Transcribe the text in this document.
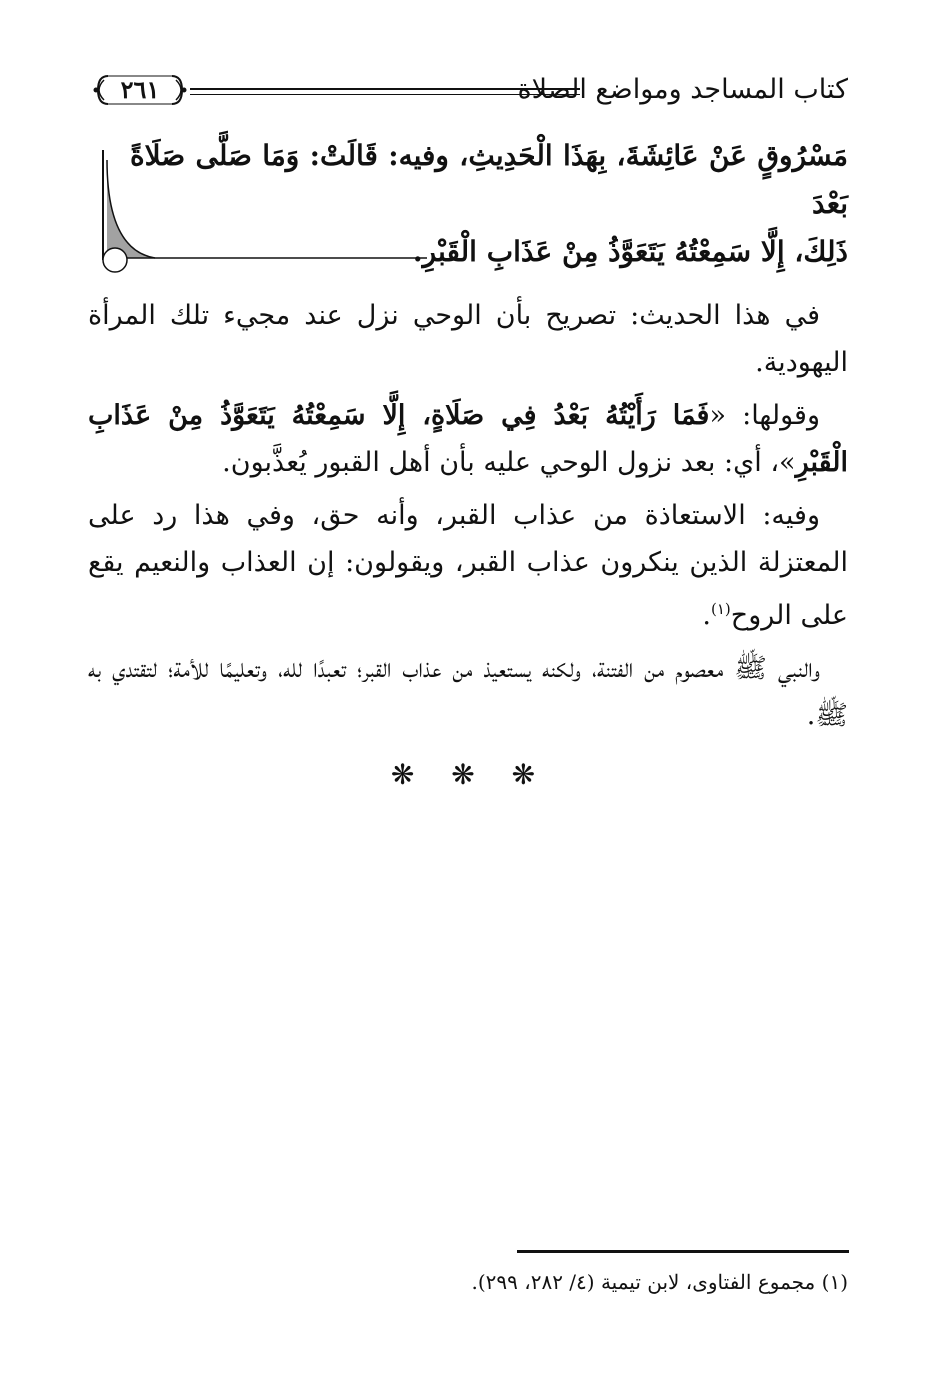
كتاب المساجد ومواضع الصلاة
٢٦١
مَسْرُوقٍ عَنْ عَائِشَةَ، بِهَذَا الْحَدِيثِ، وفيه: قَالَتْ: وَمَا صَلَّى صَلَاةً بَعْدَ
ذَلِكَ، إِلَّا سَمِعْتُهُ يَتَعَوَّذُ مِنْ عَذَابِ الْقَبْرِ.

في هذا الحديث: تصريح بأن الوحي نزل عند مجيء تلك المرأة اليهودية.

وقولها: «فَمَا رَأَيْتُهُ بَعْدُ فِي صَلَاةٍ، إِلَّا سَمِعْتُهُ يَتَعَوَّذُ مِنْ عَذَابِ الْقَبْرِ»، أي: بعد نزول الوحي عليه بأن أهل القبور يُعذَّبون.

وفيه: الاستعاذة من عذاب القبر، وأنه حق، وفي هذا رد على المعتزلة الذين ينكرون عذاب القبر، ويقولون: إن العذاب والنعيم يقع على الروح$^{(١)}$.

والنبي ﷺ معصوم من الفتنة، ولكنه يستعيذ من عذاب القبر؛ تعبدًا لله، وتعليمًا للأمة؛ لتقتدي به ﷺ.

❋ ❋ ❋
(١) مجموع الفتاوى، لابن تيمية (٤/ ٢٨٢، ٢٩٩).
